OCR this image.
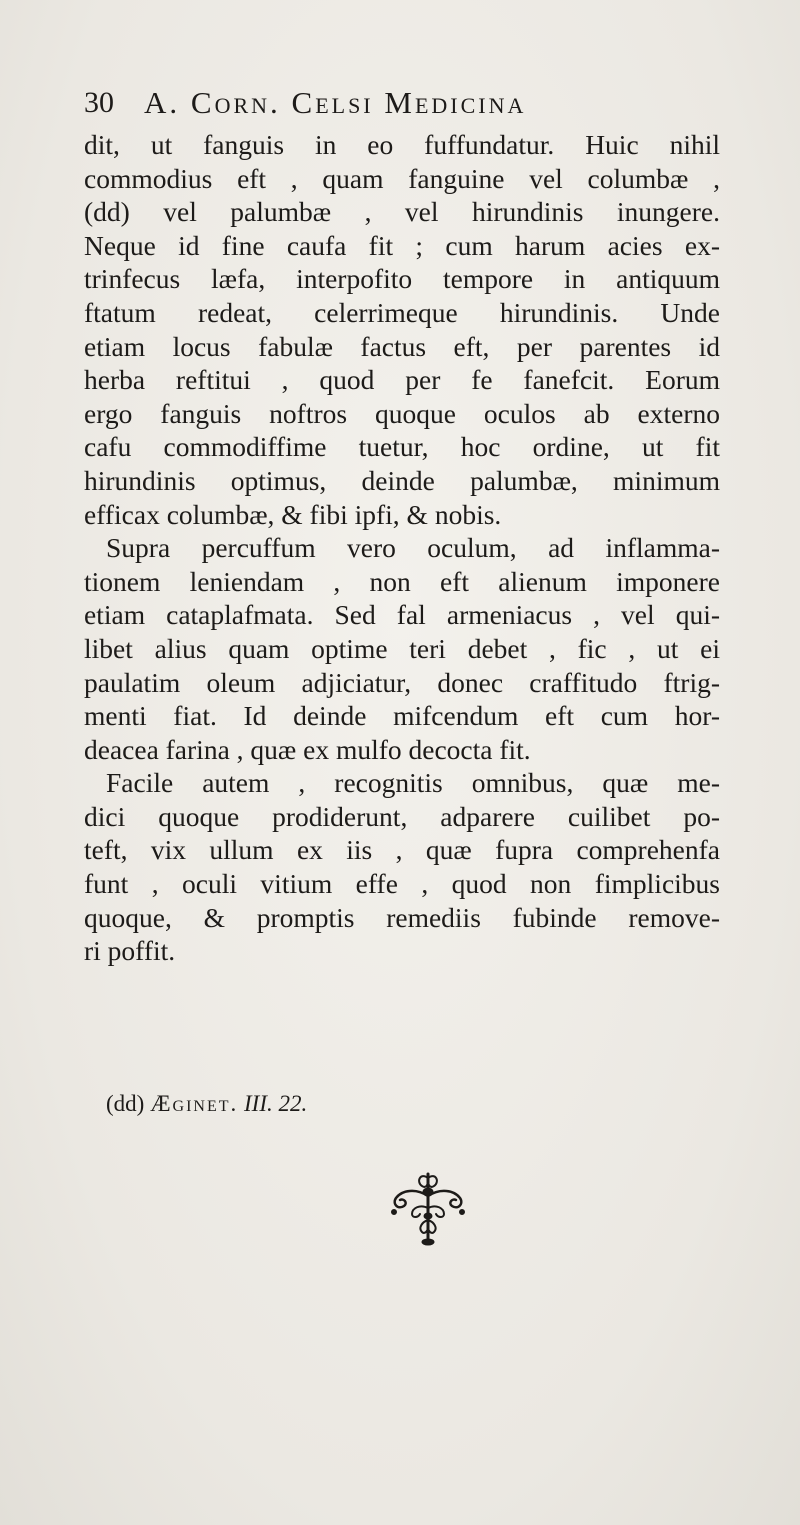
30 A. Corn. Celsi Medicina
dit, ut fanguis in eo fuffundatur. Huic nihil
commodius eft , quam fanguine vel columbæ ,
(dd) vel palumbæ , vel hirundinis inungere.
Neque id fine caufa fit ; cum harum acies ex-
trinfecus læfa, interpofito tempore in antiquum
ftatum redeat, celerrimeque hirundinis. Unde
etiam locus fabulæ factus eft, per parentes id
herba reftitui , quod per fe fanefcit. Eorum
ergo fanguis noftros quoque oculos ab externo
cafu commodiffime tuetur, hoc ordine, ut fit
hirundinis optimus, deinde palumbæ, minimum
efficax columbæ, & fibi ipfi, & nobis.
Supra percuffum vero oculum, ad inflamma-
tionem leniendam , non eft alienum imponere
etiam cataplafmata. Sed fal armeniacus , vel qui-
libet alius quam optime teri debet , fic , ut ei
paulatim oleum adjiciatur, donec craffitudo ftrig-
menti fiat. Id deinde mifcendum eft cum hor-
deacea farina , quæ ex mulfo decocta fit.
Facile autem , recognitis omnibus, quæ me-
dici quoque prodiderunt, adparere cuilibet po-
teft, vix ullum ex iis , quæ fupra comprehenfa
funt , oculi vitium effe , quod non fimplicibus
quoque, & promptis remediis fubinde remove-
ri poffit.
(dd) Æginet. III. 22.
